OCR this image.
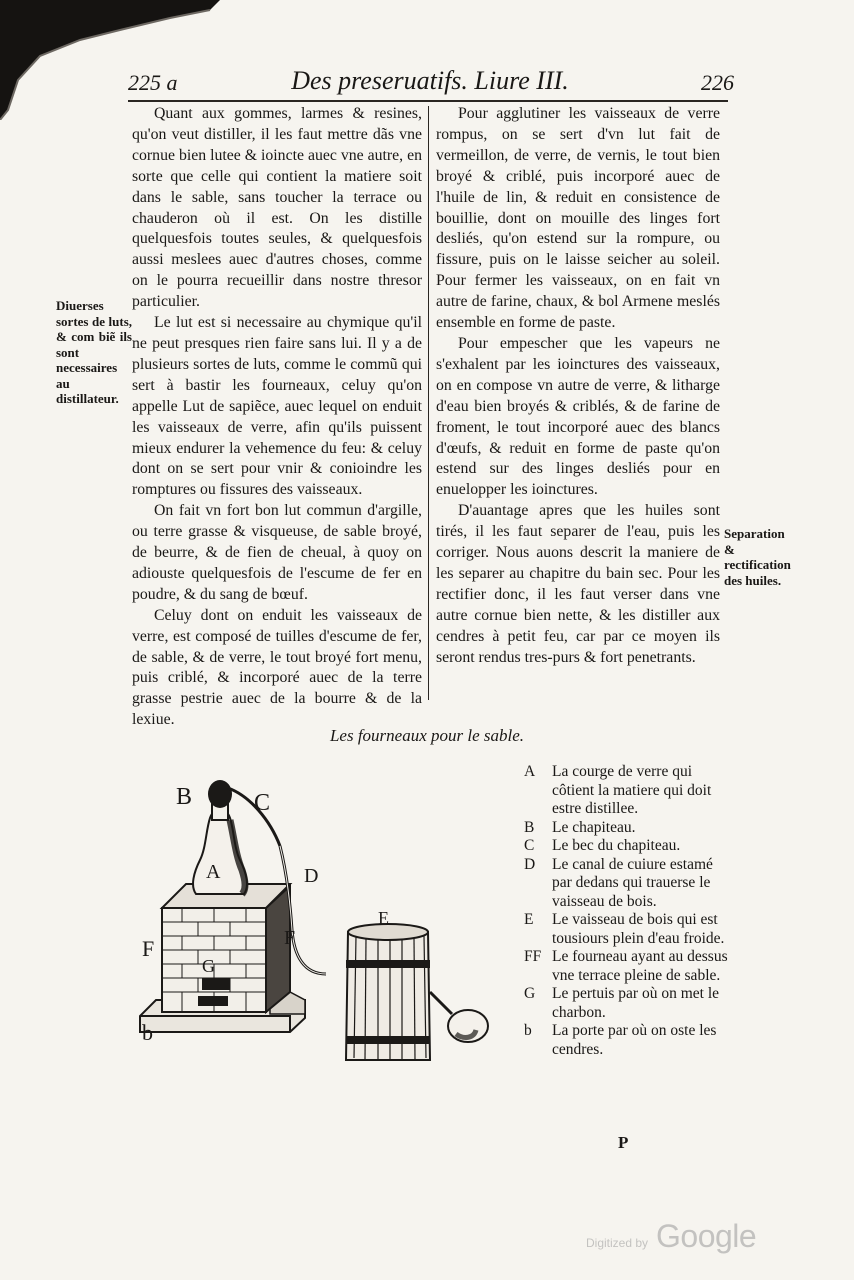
225 a	Des preseruatifs. Liure III.	226

Quant aux gommes, larmes & resines, qu'on veut distiller, il les faut mettre dãs vne cornue bien lutee & ioincte auec vne autre, en sorte que celle qui contient la matiere soit dans le sable, sans toucher la terrace ou chauderon où il est. On les distille quelquesfois toutes seules, & quelquesfois aussi meslees auec d'autres choses, comme on le pourra recueillir dans nostre thresor particulier.

Le lut est si necessaire au chymique qu'il ne peut presques rien faire sans lui. Il y a de plusieurs sortes de luts, comme le commũ qui sert à bastir les fourneaux, celuy qu'on appelle Lut de sapiẽce, auec lequel on enduit les vaisseaux de verre, afin qu'ils puissent mieux endurer la vehemence du feu: & celuy dont on se sert pour vnir & conioindre les romptures ou fissures des vaisseaux.

On fait vn fort bon lut commun d'argille, ou terre grasse & visqueuse, de sable broyé, de beurre, & de fien de cheual, à quoy on adiouste quelquesfois de l'escume de fer en poudre, & du sang de bœuf.

Celuy dont on enduit les vaisseaux de verre, est composé de tuilles d'escume de fer, de sable, & de verre, le tout broyé fort menu, puis criblé, & incorporé auec de la terre grasse pestrie auec de la bourre & de la lexiue.

Pour agglutiner les vaisseaux de verre rompus, on se sert d'vn lut fait de vermeillon, de verre, de vernis, le tout bien broyé & criblé, puis incorporé auec de l'huile de lin, & reduit en consistence de bouillie, dont on mouille des linges fort desliés, qu'on estend sur la rompure, ou fissure, puis on le laisse seicher au soleil. Pour fermer les vaisseaux, on en fait vn autre de farine, chaux, & bol Armene meslés ensemble en forme de paste.

Pour empescher que les vapeurs ne s'exhalent par les ioinctures des vaisseaux, on en compose vn autre de verre, & litharge d'eau bien broyés & criblés, & de farine de froment, le tout incorporé auec des blancs d'œufs, & reduit en forme de paste qu'on estend sur des linges desliés pour en enuelopper les ioinctures.

D'auantage apres que les huiles sont tirés, il les faut separer de l'eau, puis les corriger. Nous auons descrit la maniere de les separer au chapitre du bain sec. Pour les rectifier donc, il les faut verser dans vne autre cornue bien nette, & les distiller aux cendres à petit feu, car par ce moyen ils seront rendus tres-purs & fort penetrants.

Diuerses sortes de luts, & com biẽ ils sont necessaires au distillateur.
Separation & rectification des huiles.
Les fourneaux pour le sable.
B	C
A	D
E
F	F
G
b
A	La courge de verre qui côtient la matiere qui doit estre distillee.
B	Le chapiteau.
C	Le bec du chapiteau.
D	Le canal de cuiure estamé par dedans qui trauerse le vaisseau de bois.
E	Le vaisseau de bois qui est tousiours plein d'eau froide.
FF Le fourneau ayant au dessus vne terrace pleine de sable.
G	Le pertuis par où on met le charbon.
b	La porte par où on oste les cendres.
P
Digitized by Google
